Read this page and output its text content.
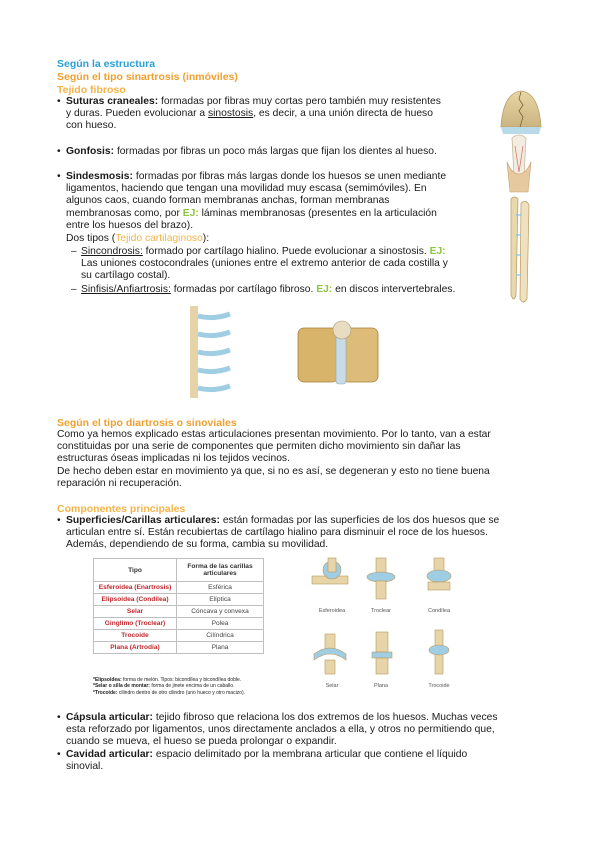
Según la estructura
Según el tipo sinartrosis (inmóviles)
Tejido fibroso
• Suturas craneales: formadas por fibras muy cortas pero también muy resistentes
y duras. Pueden evolucionar a sinostosis, es decir, a una unión directa de hueso
con hueso.
• Gonfosis: formadas por fibras un poco más largas que fijan los dientes al hueso.
• Sindesmosis: formadas por fibras más largas donde los huesos se unen mediante
ligamentos, haciendo que tengan una movilidad muy escasa (semimóviles). En
algunos caos, cuando forman membranas anchas, forman membranas
membranosas como, por EJ: láminas membranosas (presentes en la articulación
entre los huesos del brazo).
Dos tipos (Tejido cartilaginoso):
– Sincondrosis: formado por cartílago hialino. Puede evolucionar a sinostosis. EJ:
Las uniones costocondrales (uniones entre el extremo anterior de cada costilla y
su cartílago costal).
– Sinfisis/Anfiartrosis: formadas por cartílago fibroso. EJ: en discos intervertebrales.
Según el tipo diartrosis o sinoviales
Como ya hemos explicado estas articulaciones presentan movimiento. Por lo tanto, van a estar
constituidas por una serie de componentes que permiten dicho movimiento sin dañar las
estructuras óseas implicadas ni los tejidos vecinos.
De hecho deben estar en movimiento ya que, si no es así, se degeneran y esto no tiene buena
reparación ni recuperación.
Componentes principales
• Superficies/Carillas articulares: están formadas por las superficies de los dos huesos que se
articulan entre sí. Están recubiertas de cartílago hialino para disminuir el roce de los huesos.
Además, dependiendo de su forma, cambia su movilidad.
Tipo	Forma de las carillas articulares
Esferoidea (Enartrosis)	Esférica
Elipsoidea (Condílea)	Elíptica
Selar	Cóncava y convexa
Ginglimo (Troclear)	Polea
Trocoide	Cilíndrica
Plana (Artrodia)	Plana
*Elipsoidea: forma de melón. Tipos: bicondílea y bicondílea doble.
*Selar o silla de montar: forma de jinete encima de un caballo.
*Trocoide: cilindro dentro de otro cilindro (uno hueco y otro macizo).
Esferoidea	Troclear	Condílea
Selar	Plana	Trocoide
• Cápsula articular: tejido fibroso que relaciona los dos extremos de los huesos. Muchas veces
esta reforzado por ligamentos, unos directamente anclados a ella, y otros no permitiendo que,
cuando se mueva, el hueso se pueda prolongar o expandir.
• Cavidad articular: espacio delimitado por la membrana articular que contiene el líquido
sinovial.
